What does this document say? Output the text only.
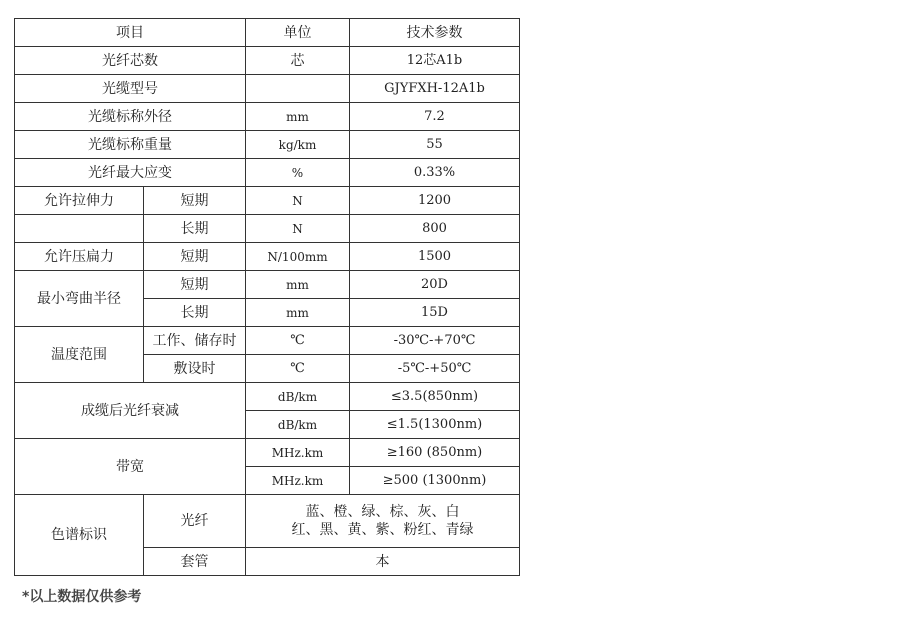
项目		单位	技术参数
光纤芯数		芯	12芯A1b
光缆型号			GJYFXH-12A1b
光缆标称外径		mm	7.2
光缆标称重量		kg/km	55
光纤最大应变		%	0.33%
允许拉伸力	短期	N	1200
	长期	N	800
允许压扁力	短期	N/100mm	1500
最小弯曲半径	短期	mm	20D
	长期	mm	15D
温度范围	工作、储存时	℃	-30℃-+70℃
	敷设时	℃	-5℃-+50℃
成缆后光纤衰减		dB/km	≤3.5(850nm)
		dB/km	≤1.5(1300nm)
带宽		MHz.km	≥160 (850nm)
		MHz.km	≥500 (1300nm)
色谱标识	光纤	蓝、橙、绿、棕、灰、白
红、黑、黄、紫、粉红、青绿	

	套管	本	
*以上数据仅供参考
